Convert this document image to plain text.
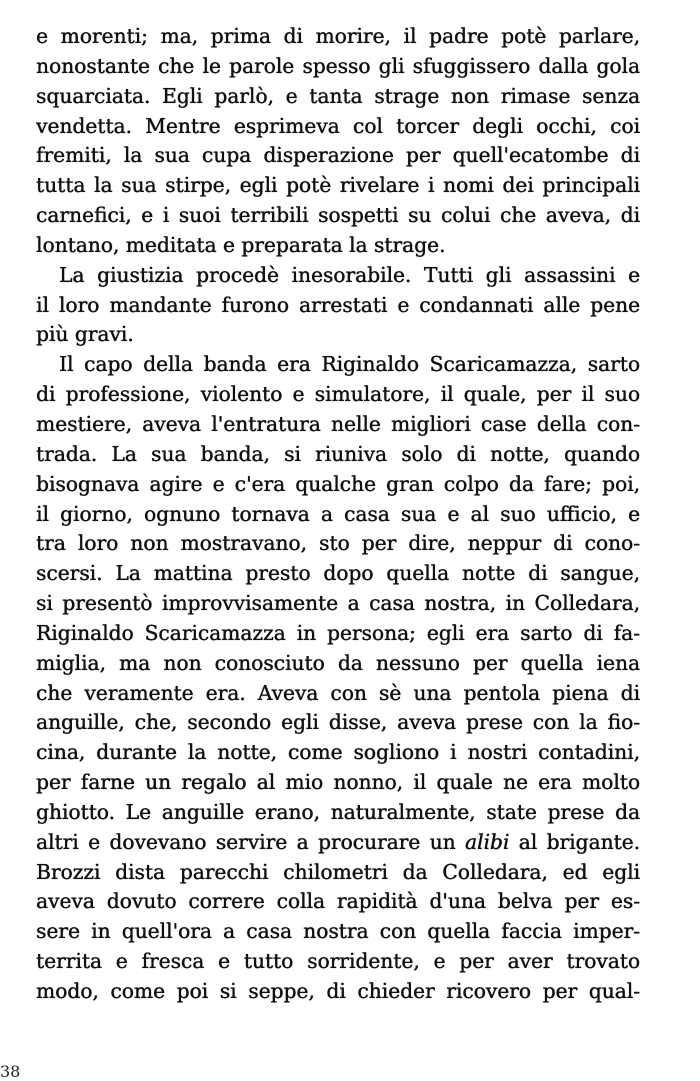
e morenti; ma, prima di morire, il padre potè parlare,
nonostante che le parole spesso gli sfuggissero dalla gola
squarciata. Egli parlò, e tanta strage non rimase senza
vendetta. Mentre esprimeva col torcer degli occhi, coi
fremiti, la sua cupa disperazione per quell'ecatombe di
tutta la sua stirpe, egli potè rivelare i nomi dei principali
carnefici, e i suoi terribili sospetti su colui che aveva, di
lontano, meditata e preparata la strage.
La giustizia procedè inesorabile. Tutti gli assassini e
il loro mandante furono arrestati e condannati alle pene
più gravi.
Il capo della banda era Riginaldo Scaricamazza, sarto
di professione, violento e simulatore, il quale, per il suo
mestiere, aveva l'entratura nelle migliori case della con-
trada. La sua banda, si riuniva solo di notte, quando
bisognava agire e c'era qualche gran colpo da fare; poi,
il giorno, ognuno tornava a casa sua e al suo ufficio, e
tra loro non mostravano, sto per dire, neppur di cono-
scersi. La mattina presto dopo quella notte di sangue,
si presentò improvvisamente a casa nostra, in Colledara,
Riginaldo Scaricamazza in persona; egli era sarto di fa-
miglia, ma non conosciuto da nessuno per quella iena
che veramente era. Aveva con sè una pentola piena di
anguille, che, secondo egli disse, aveva prese con la fio-
cina, durante la notte, come sogliono i nostri contadini,
per farne un regalo al mio nonno, il quale ne era molto
ghiotto. Le anguille erano, naturalmente, state prese da
altri e dovevano servire a procurare un alibi al brigante.
Brozzi dista parecchi chilometri da Colledara, ed egli
aveva dovuto correre colla rapidità d'una belva per es-
sere in quell'ora a casa nostra con quella faccia imper-
territa e fresca e tutto sorridente, e per aver trovato
modo, come poi si seppe, di chieder ricovero per qual-
38
